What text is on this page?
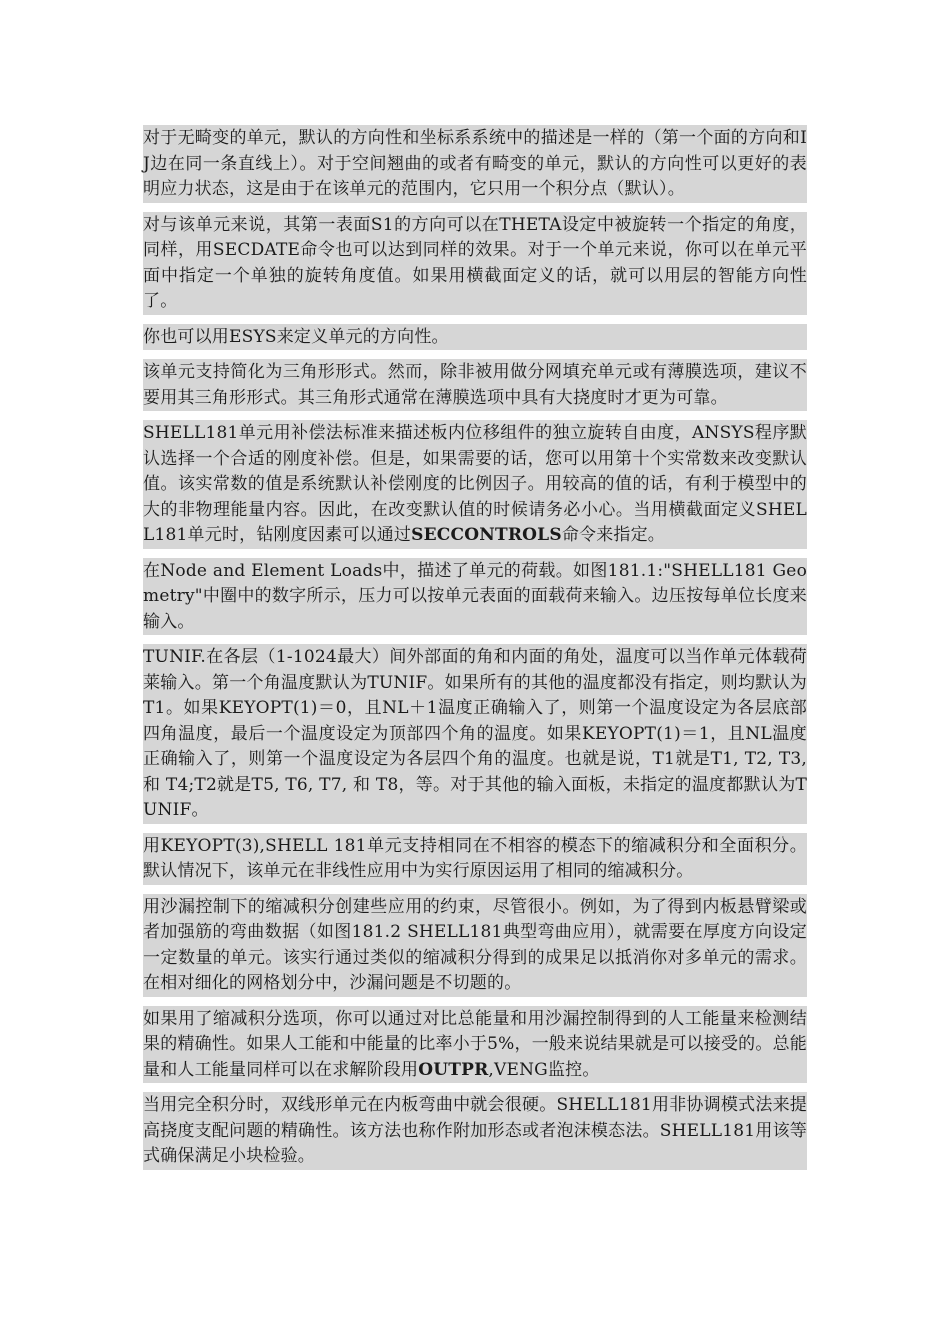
对于无畸变的单元，默认的方向性和坐标系系统中的描述是一样的（第一个面的方向和IJ边在同一条直线上）。对于空间翘曲的或者有畸变的单元，默认的方向性可以更好的表明应力状态，这是由于在该单元的范围内，它只用一个积分点（默认）。

对与该单元来说，其第一表面S1的方向可以在THETA设定中被旋转一个指定的角度，同样，用SECDATE命令也可以达到同样的效果。对于一个单元来说，你可以在单元平面中指定一个单独的旋转角度值。如果用横截面定义的话，就可以用层的智能方向性了。

你也可以用ESYS来定义单元的方向性。

该单元支持简化为三角形形式。然而，除非被用做分网填充单元或有薄膜选项，建议不要用其三角形形式。其三角形式通常在薄膜选项中具有大挠度时才更为可靠。

SHELL181单元用补偿法标准来描述板内位移组件的独立旋转自由度，ANSYS程序默认选择一个合适的刚度补偿。但是，如果需要的话，您可以用第十个实常数来改变默认值。该实常数的值是系统默认补偿刚度的比例因子。用较高的值的话，有利于模型中的大的非物理能量内容。因此，在改变默认值的时候请务必小心。当用横截面定义SHELL181单元时，钻刚度因素可以通过SECCONTROLS命令来指定。

在Node and Element Loads中，描述了单元的荷载。如图181.1:"SHELL181 Geometry"中圈中的数字所示，压力可以按单元表面的面载荷来输入。边压按每单位长度来输入。

TUNIF.在各层（1-1024最大）间外部面的角和内面的角处，温度可以当作单元体载荷莱输入。第一个角温度默认为TUNIF。如果所有的其他的温度都没有指定，则均默认为T1。如果KEYOPT(1)＝0，且NL＋1温度正确输入了，则第一个温度设定为各层底部四角温度，最后一个温度设定为顶部四个角的温度。如果KEYOPT(1)＝1，且NL温度正确输入了，则第一个温度设定为各层四个角的温度。也就是说，T1就是T1, T2, T3, 和 T4;T2就是T5, T6, T7, 和 T8，等。对于其他的输入面板，未指定的温度都默认为TUNIF。

用KEYOPT(3),SHELL 181单元支持相同在不相容的模态下的缩减积分和全面积分。 默认情况下，该单元在非线性应用中为实行原因运用了相同的缩减积分。

用沙漏控制下的缩减积分创建些应用的约束，尽管很小。例如，为了得到内板悬臂梁或者加强筋的弯曲数据（如图181.2 SHELL181典型弯曲应用），就需要在厚度方向设定一定数量的单元。该实行通过类似的缩减积分得到的成果足以抵消你对多单元的需求。在相对细化的网格划分中，沙漏问题是不切题的。

如果用了缩减积分选项，你可以通过对比总能量和用沙漏控制得到的人工能量来检测结果的精确性。如果人工能和中能量的比率小于5%，一般来说结果就是可以接受的。总能量和人工能量同样可以在求解阶段用OUTPR,VENG监控。

当用完全积分时，双线形单元在内板弯曲中就会很硬。SHELL181用非协调模式法来提高挠度支配问题的精确性。该方法也称作附加形态或者泡沫模态法。SHELL181用该等式确保满足小块检验。
